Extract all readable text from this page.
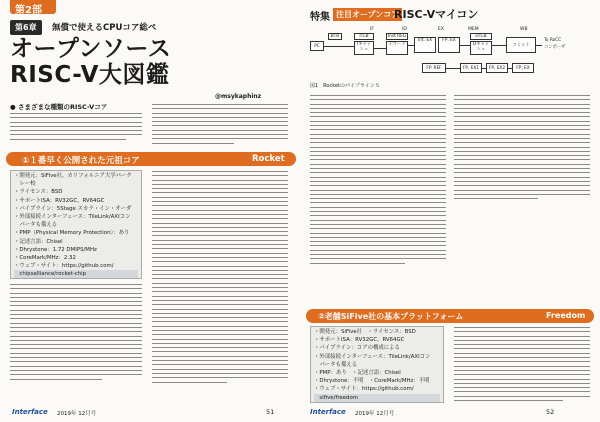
第2部
第6章	無償で使えるCPUコア総ペ
オープンソース
RISC-V大図鑑
@msykaphinz
● さまざまな種類のRISC-Vコア
①１番早く公開された元祖コア	Rocket
・開発元：SiFive社，カリフォルニア大学バーク
　レー校
・ライセンス：BSD
・サポートISA：RV32GC，RV64GC
・パイプライン：5Stage スカラ・イン・オーダ
・外部接続インターフェース：TileLink/AXIコン
　パータも備える
・PMP（Physical Memory Protection）：あり
・記述言語：Chisel
・Dhrystone：1.72 DMIPS/MHz
・CoreMark/MHz：2.32
・ウェブ・サイト：https://github.com/
　chipsalliance/rocket-chip
Interface 2019年 12月号	51
特集 注目オープンコア
RISC-Vマイコン
IF	ID	EX	MEM	WB
PC
BTB	ITLB
Iキャッシュ
Inst REG
デコード
Int. EX	FP, EX
DTLB
Dキャッシュ
コミット
To RoCC
コンポーザ
FP. REF	FP, EX1	FP, EX2	FP, EX
図1　RocketのパイプラインＳ
②老舗SiFive社の基本プラットフォーム	Freedom
・開発元：SiFive社　・ライセンス：BSD
・サポートISA：RV32GC，RV64GC
・パイプライン：コアの構成による
・外部接続インターフェース：TileLink/AXIコン
　パータも備える
・PMP：あり　・記述言語：Chisel
・Dhrystone：不明　・CoreMark/MHz：不明
・ウェブ・サイト：https://github.com/
　sifive/freedom
Interface 2019年 12月号	52
